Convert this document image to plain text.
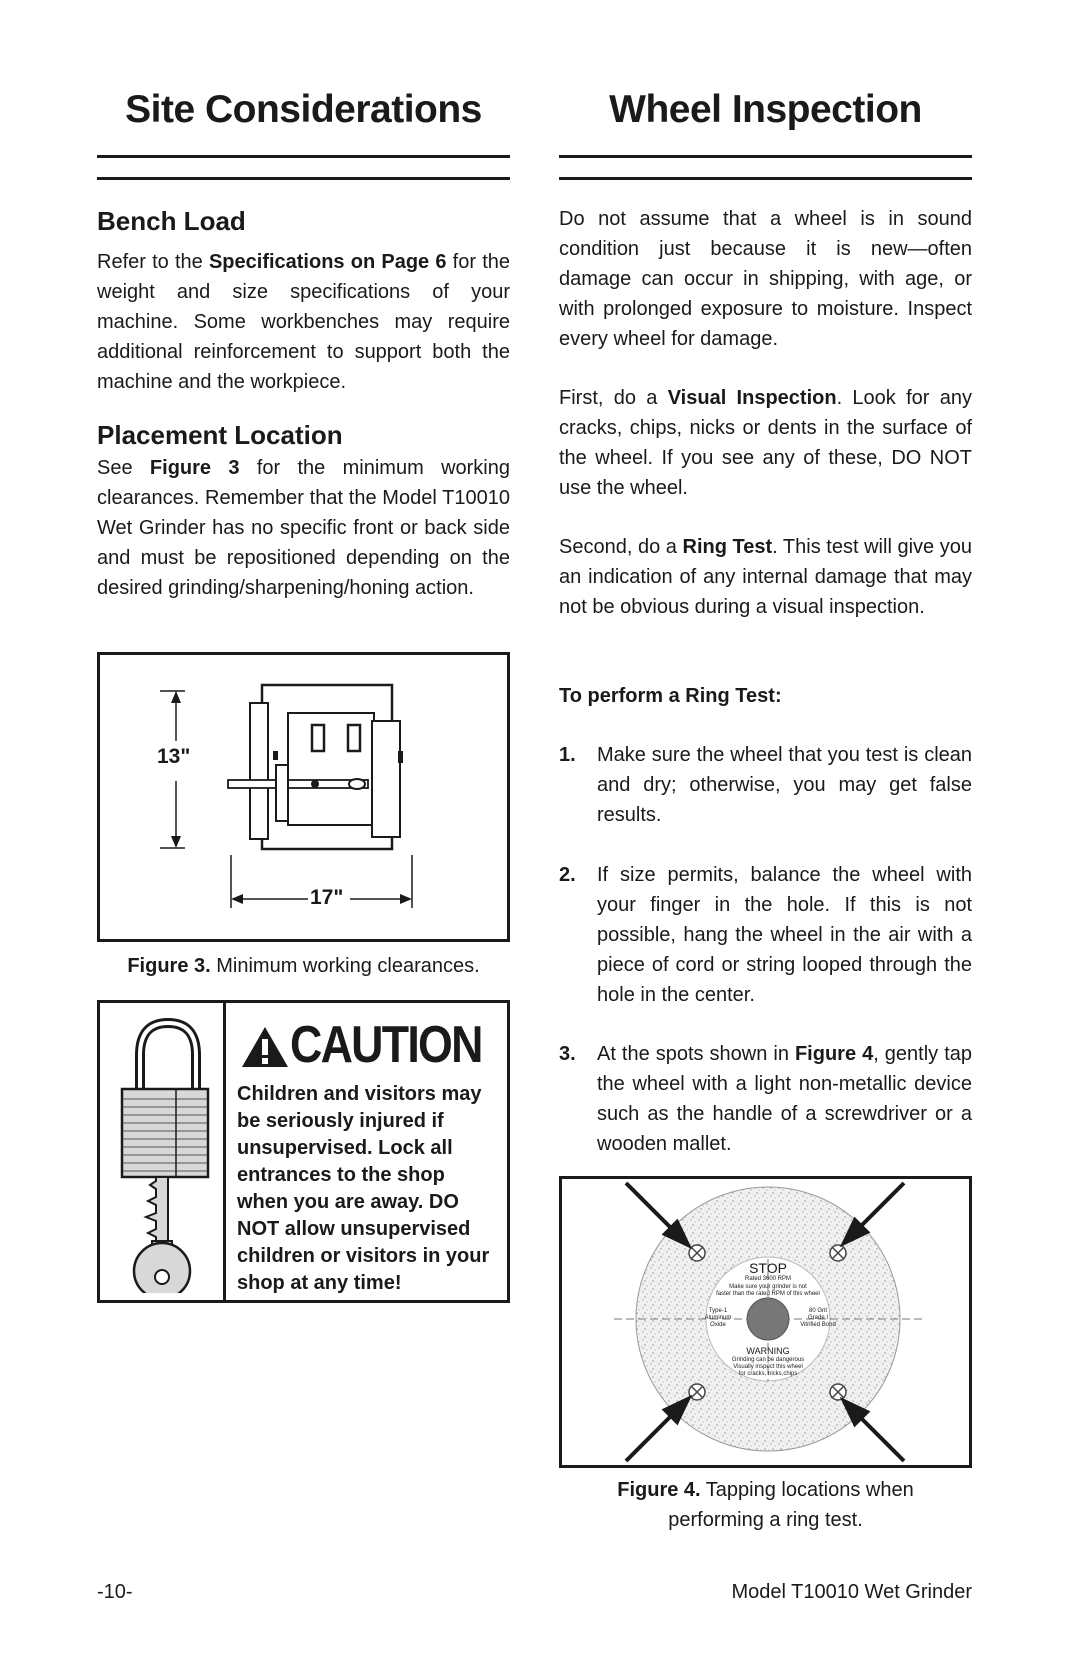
Site Considerations
Bench Load
Refer to the Specifications on Page 6 for the weight and size specifications of your machine. Some workbenches may require additional reinforcement to support both the machine and the workpiece.
Placement Location
See Figure 3 for the minimum working clearances. Remember that the Model T10010 Wet Grinder has no specific front or back side and must be repositioned depending on the desired grinding/sharpening/honing action.
13"
17"
Figure 3. Minimum working clearances.
CAUTION
Children and visitors may be seriously injured if unsupervised. Lock all entrances to the shop when you are away. DO NOT allow unsupervised children or visitors in your shop at any time!
Wheel Inspection
Do not assume that a wheel is in sound condition just because it is new—often damage can occur in shipping, with age, or with prolonged exposure to moisture. Inspect every wheel for damage.
First, do a Visual Inspection. Look for any cracks, chips, nicks or dents in the surface of the wheel. If you see any of these, DO NOT use the wheel.
Second, do a Ring Test. This test will give you an indication of any internal damage that may not be obvious during a visual inspection.
To perform a Ring Test:
1. Make sure the wheel that you test is clean and dry; otherwise, you may get false results.
2. If size permits, balance the wheel with your finger in the hole. If this is not possible, hang the wheel in the air with a piece of cord or string looped through the hole in the center.
3. At the spots shown in Figure 4, gently tap the wheel with a light non-metallic device such as the handle of a screwdriver or a wooden mallet.
STOP
Rated 3600 RPM
Make sure your grinder is not
faster than the rated RPM of this wheel
Type-1
Aluminum
Oxide
80 Grit
Grade I
Vitrified Bond
WARNING
Grinding can be dangerous
Visually inspect this wheel
for cracks, nicks,chips
Figure 4. Tapping locations when performing a ring test.
-10-	Model T10010 Wet Grinder
